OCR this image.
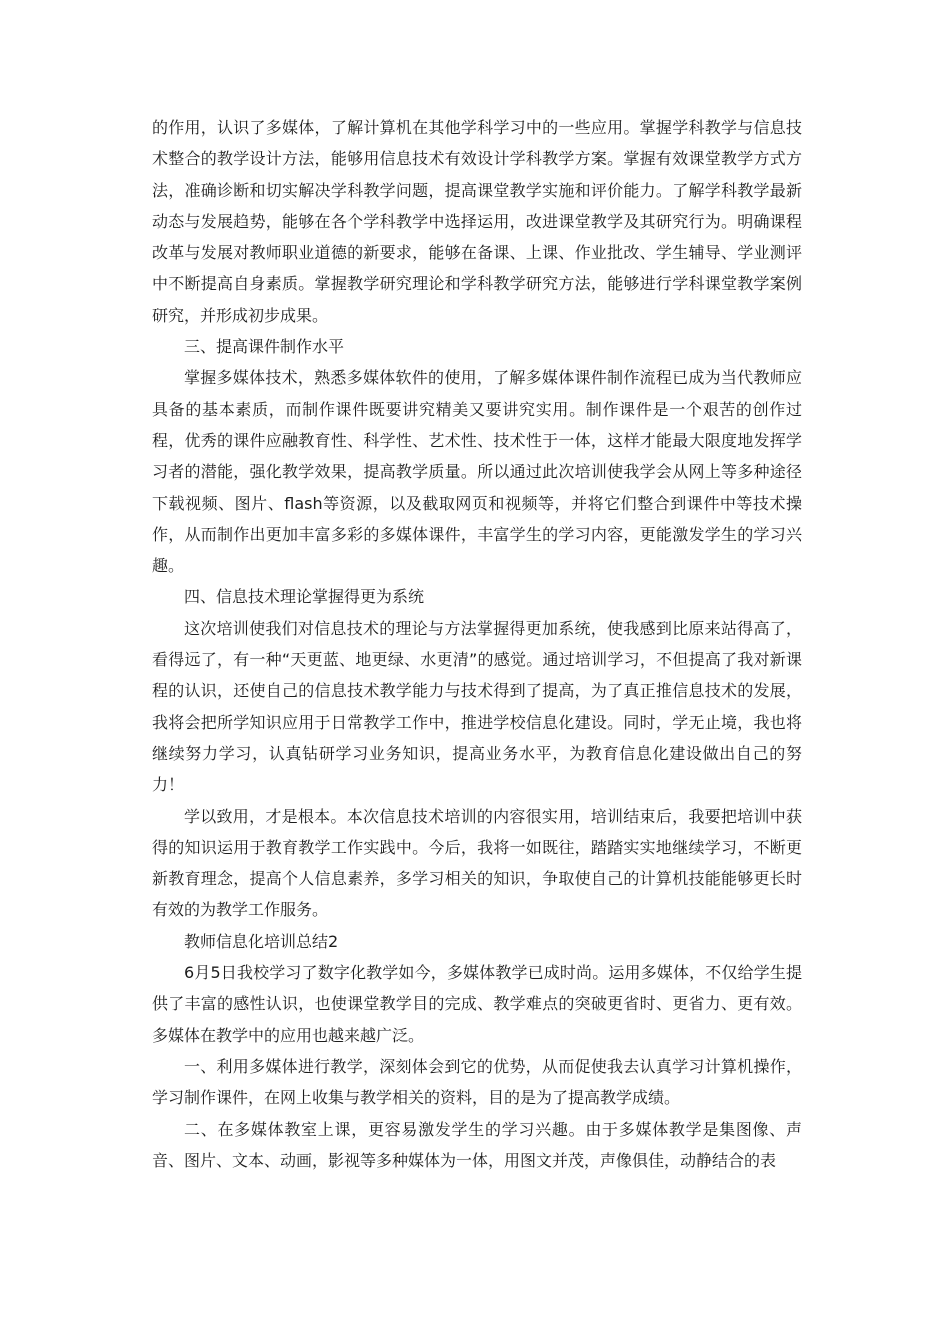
的作用，认识了多媒体，了解计算机在其他学科学习中的一些应用。掌握学科教学与信息技术整合的教学设计方法，能够用信息技术有效设计学科教学方案。掌握有效课堂教学方式方法，准确诊断和切实解决学科教学问题，提高课堂教学实施和评价能力。了解学科教学最新动态与发展趋势，能够在各个学科教学中选择运用，改进课堂教学及其研究行为。明确课程改革与发展对教师职业道德的新要求，能够在备课、上课、作业批改、学生辅导、学业测评中不断提高自身素质。掌握教学研究理论和学科教学研究方法，能够进行学科课堂教学案例研究，并形成初步成果。

三、提高课件制作水平

掌握多媒体技术，熟悉多媒体软件的使用，了解多媒体课件制作流程已成为当代教师应具备的基本素质，而制作课件既要讲究精美又要讲究实用。制作课件是一个艰苦的创作过程，优秀的课件应融教育性、科学性、艺术性、技术性于一体，这样才能最大限度地发挥学习者的潜能，强化教学效果，提高教学质量。所以通过此次培训使我学会从网上等多种途径下载视频、图片、flash等资源，以及截取网页和视频等，并将它们整合到课件中等技术操作，从而制作出更加丰富多彩的多媒体课件，丰富学生的学习内容，更能激发学生的学习兴趣。

四、信息技术理论掌握得更为系统

这次培训使我们对信息技术的理论与方法掌握得更加系统，使我感到比原来站得高了，看得远了，有一种“天更蓝、地更绿、水更清”的感觉。通过培训学习，不但提高了我对新课程的认识，还使自己的信息技术教学能力与技术得到了提高，为了真正推信息技术的发展，我将会把所学知识应用于日常教学工作中，推进学校信息化建设。同时，学无止境，我也将继续努力学习，认真钻研学习业务知识，提高业务水平，为教育信息化建设做出自己的努力！

学以致用，才是根本。本次信息技术培训的内容很实用，培训结束后，我要把培训中获得的知识运用于教育教学工作实践中。今后，我将一如既往，踏踏实实地继续学习，不断更新教育理念，提高个人信息素养，多学习相关的知识，争取使自己的计算机技能能够更长时有效的为教学工作服务。

教师信息化培训总结2

6月5日我校学习了数字化教学如今，多媒体教学已成时尚。运用多媒体，不仅给学生提供了丰富的感性认识，也使课堂教学目的完成、教学难点的突破更省时、更省力、更有效。多媒体在教学中的应用也越来越广泛。

一、利用多媒体进行教学，深刻体会到它的优势，从而促使我去认真学习计算机操作，学习制作课件，在网上收集与教学相关的资料，目的是为了提高教学成绩。

二、在多媒体教室上课，更容易激发学生的学习兴趣。由于多媒体教学是集图像、声音、图片、文本、动画，影视等多种媒体为一体，用图文并茂，声像俱佳，动静结合的表
